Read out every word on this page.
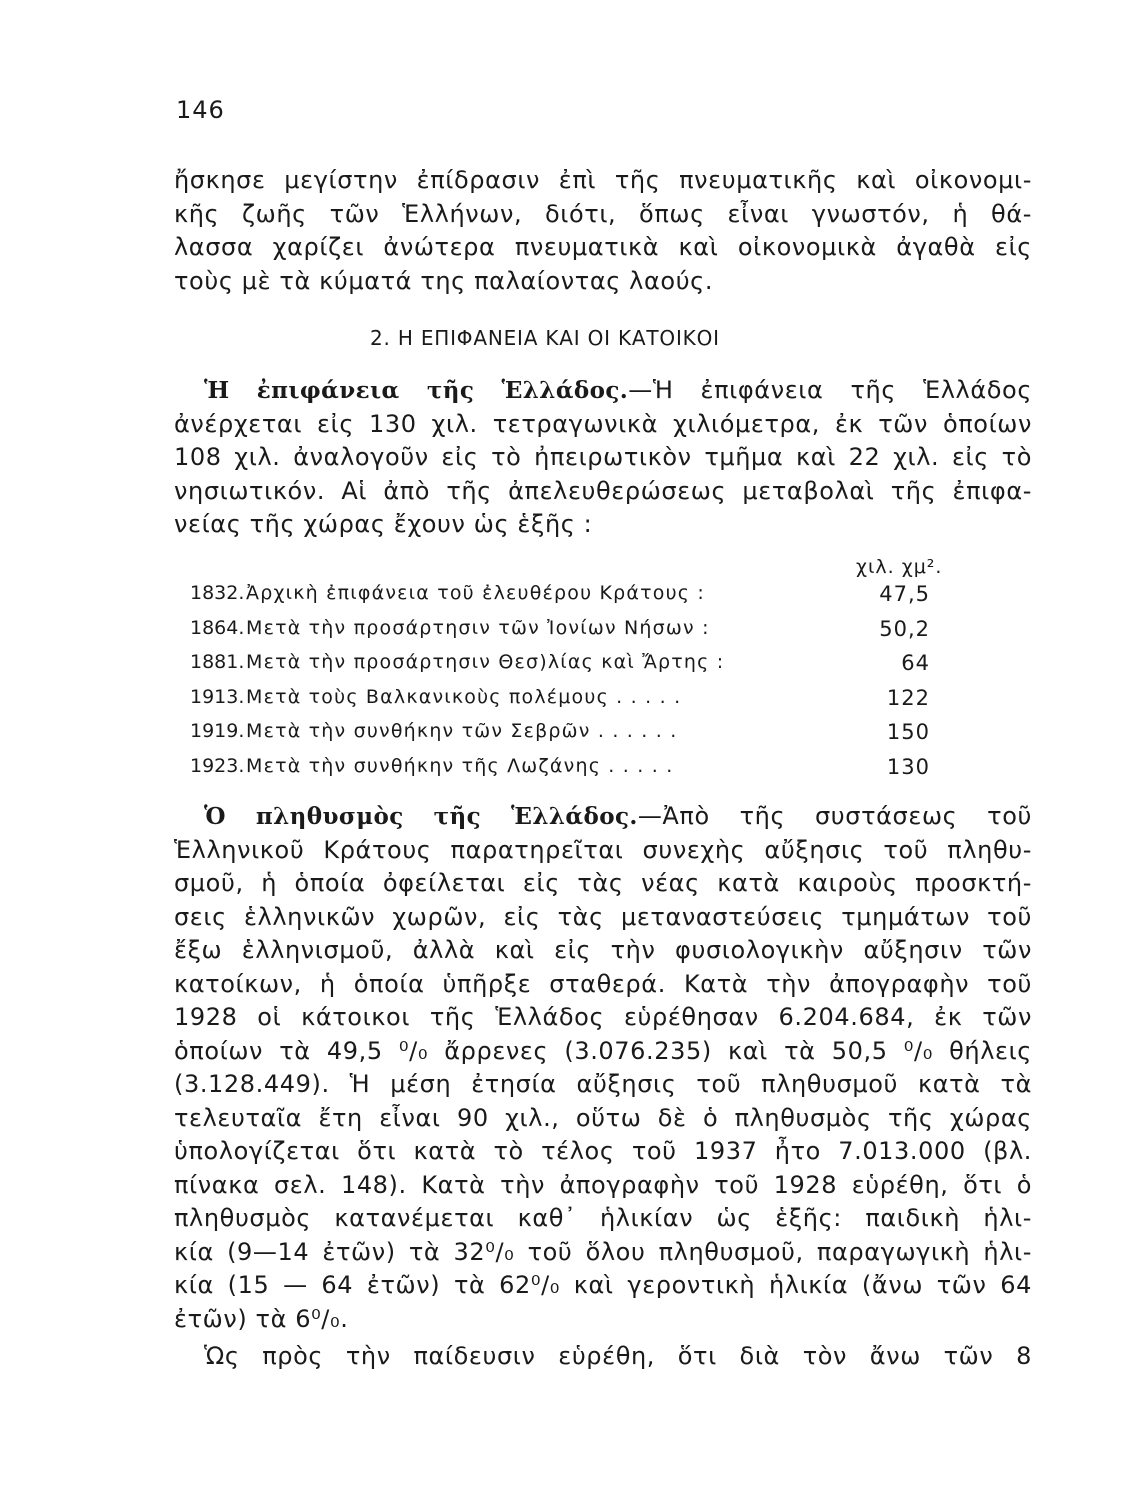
146
ἤσκησε μεγίστην ἐπίδρασιν ἐπὶ τῆς πνευματικῆς καὶ οἰκονομι-
κῆς ζωῆς τῶν Ἑλλήνων, διότι, ὅπως εἶναι γνωστόν, ἡ θά-
λασσα χαρίζει ἀνώτερα πνευματικὰ καὶ οἰκονομικὰ ἀγαθὰ εἰς
τοὺς μὲ τὰ κύματά της παλαίοντας λαούς.
2. Η ΕΠΙΦΑΝΕΙΑ ΚΑΙ ΟΙ ΚΑΤΟΙΚΟΙ
Ἡ ἐπιφάνεια τῆς Ἑλλάδος.—Ἡ ἐπιφάνεια τῆς Ἑλλάδος
ἀνέρχεται εἰς 130 χιλ. τετραγωνικὰ χιλιόμετρα, ἐκ τῶν ὁποίων
108 χιλ. ἀναλογοῦν εἰς τὸ ἠπειρωτικὸν τμῆμα καὶ 22 χιλ. εἰς τὸ
νησιωτικόν. Αἱ ἀπὸ τῆς ἀπελευθερώσεως μεταβολαὶ τῆς ἐπιφα-
νείας τῆς χώρας ἔχουν ὡς ἑξῆς :
χιλ. χμ².
1832. Ἀρχικὴ ἐπιφάνεια τοῦ ἐλευθέρου Κράτους :	47,5
1864. Μετὰ τὴν προσάρτησιν τῶν Ἰονίων Νήσων :	50,2
1881. Μετὰ τὴν προσάρτησιν Θεσ)λίας καὶ Ἄρτης :	64
1913. Μετὰ τοὺς Βαλκανικοὺς πολέμους . . . . .	122
1919. Μετὰ τὴν συνθήκην τῶν Σεβρῶν . . . . . .	150
1923. Μετὰ τὴν συνθήκην τῆς Λωζάνης . . . . .	130
Ὁ πληθυσμὸς τῆς Ἑλλάδος.—Ἀπὸ τῆς συστάσεως τοῦ
Ἑλληνικοῦ Κράτους παρατηρεῖται συνεχὴς αὔξησις τοῦ πληθυ-
σμοῦ, ἡ ὁποία ὀφείλεται εἰς τὰς νέας κατὰ καιροὺς προσκτή-
σεις ἑλληνικῶν χωρῶν, εἰς τὰς μεταναστεύσεις τμημάτων τοῦ
ἔξω ἑλληνισμοῦ, ἀλλὰ καὶ εἰς τὴν φυσιολογικὴν αὔξησιν τῶν
κατοίκων, ἡ ὁποία ὑπῆρξε σταθερά. Κατὰ τὴν ἀπογραφὴν τοῦ
1928 οἱ κάτοικοι τῆς Ἑλλάδος εὑρέθησαν 6.204.684, ἐκ τῶν
ὁποίων τὰ 49,5 ⁰/₀ ἄρρενες (3.076.235) καὶ τὰ 50,5 ⁰/₀ θήλεις
(3.128.449). Ἡ μέση ἐτησία αὔξησις τοῦ πληθυσμοῦ κατὰ τὰ
τελευταῖα ἔτη εἶναι 90 χιλ., οὕτω δὲ ὁ πληθυσμὸς τῆς χώρας
ὑπολογίζεται ὅτι κατὰ τὸ τέλος τοῦ 1937 ἦτο 7.013.000 (βλ.
πίνακα σελ. 148). Κατὰ τὴν ἀπογραφὴν τοῦ 1928 εὑρέθη, ὅτι ὁ
πληθυσμὸς κατανέμεται καθ᾿ ἡλικίαν ὡς ἑξῆς: παιδικὴ ἡλι-
κία (9—14 ἐτῶν) τὰ 32⁰/₀ τοῦ ὅλου πληθυσμοῦ, παραγωγικὴ ἡλι-
κία (15 — 64 ἐτῶν) τὰ 62⁰/₀ καὶ γεροντικὴ ἡλικία (ἄνω τῶν 64
ἐτῶν) τὰ 6⁰/₀.
Ὡς πρὸς τὴν παίδευσιν εὑρέθη, ὅτι διὰ τὸν ἄνω τῶν 8
